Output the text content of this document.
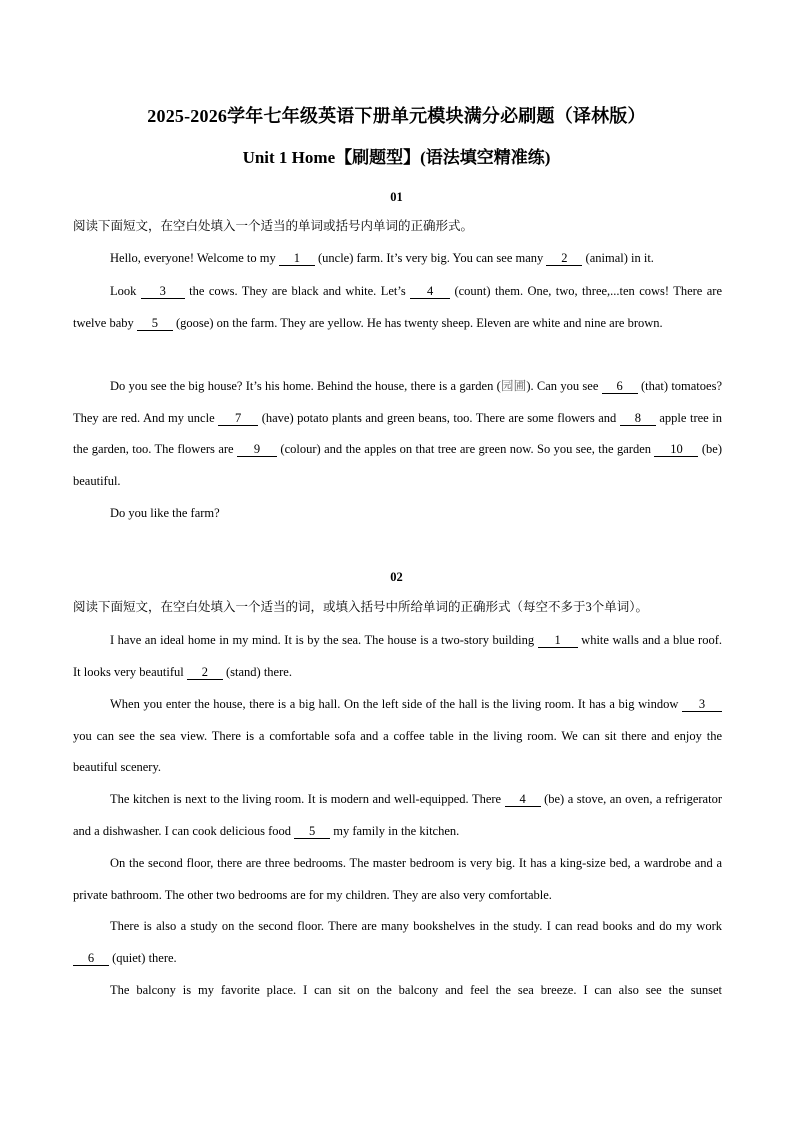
2025-2026学年七年级英语下册单元模块满分必刷题（译林版）
Unit 1 Home【刷题型】(语法填空精准练)
01
阅读下面短文，在空白处填入一个适当的单词或括号内单词的正确形式。

Hello, everyone! Welcome to my 1 (uncle) farm. It’s very big. You can see many 2 (animal) in it.

Look 3 the cows. They are black and white. Let’s 4 (count) them. One, two, three,...ten cows! There are twelve baby 5 (goose) on the farm. They are yellow. He has twenty sheep. Eleven are white and nine are brown.

Do you see the big house? It’s his home. Behind the house, there is a garden (园圃). Can you see 6 (that) tomatoes? They are red. And my uncle 7 (have) potato plants and green beans, too. There are some flowers and 8 apple tree in the garden, too. The flowers are 9 (colour) and the apples on that tree are green now. So you see, the garden 10 (be) beautiful.

Do you like the farm?

02
阅读下面短文，在空白处填入一个适当的词，或填入括号中所给单词的正确形式（每空不多于3个单词）。

I have an ideal home in my mind. It is by the sea. The house is a two-story building 1 white walls and a blue roof. It looks very beautiful 2 (stand) there.

When you enter the house, there is a big hall. On the left side of the hall is the living room. It has a big window 3 you can see the sea view. There is a comfortable sofa and a coffee table in the living room. We can sit there and enjoy the beautiful scenery.

The kitchen is next to the living room. It is modern and well-equipped. There 4 (be) a stove, an oven, a refrigerator and a dishwasher. I can cook delicious food 5 my family in the kitchen.

On the second floor, there are three bedrooms. The master bedroom is very big. It has a king-size bed, a wardrobe and a private bathroom. The other two bedrooms are for my children. They are also very comfortable.

There is also a study on the second floor. There are many bookshelves in the study. I can read books and do my work 6 (quiet) there.

The balcony is my favorite place. I can sit on the balcony and feel the sea breeze. I can also see the sunset
